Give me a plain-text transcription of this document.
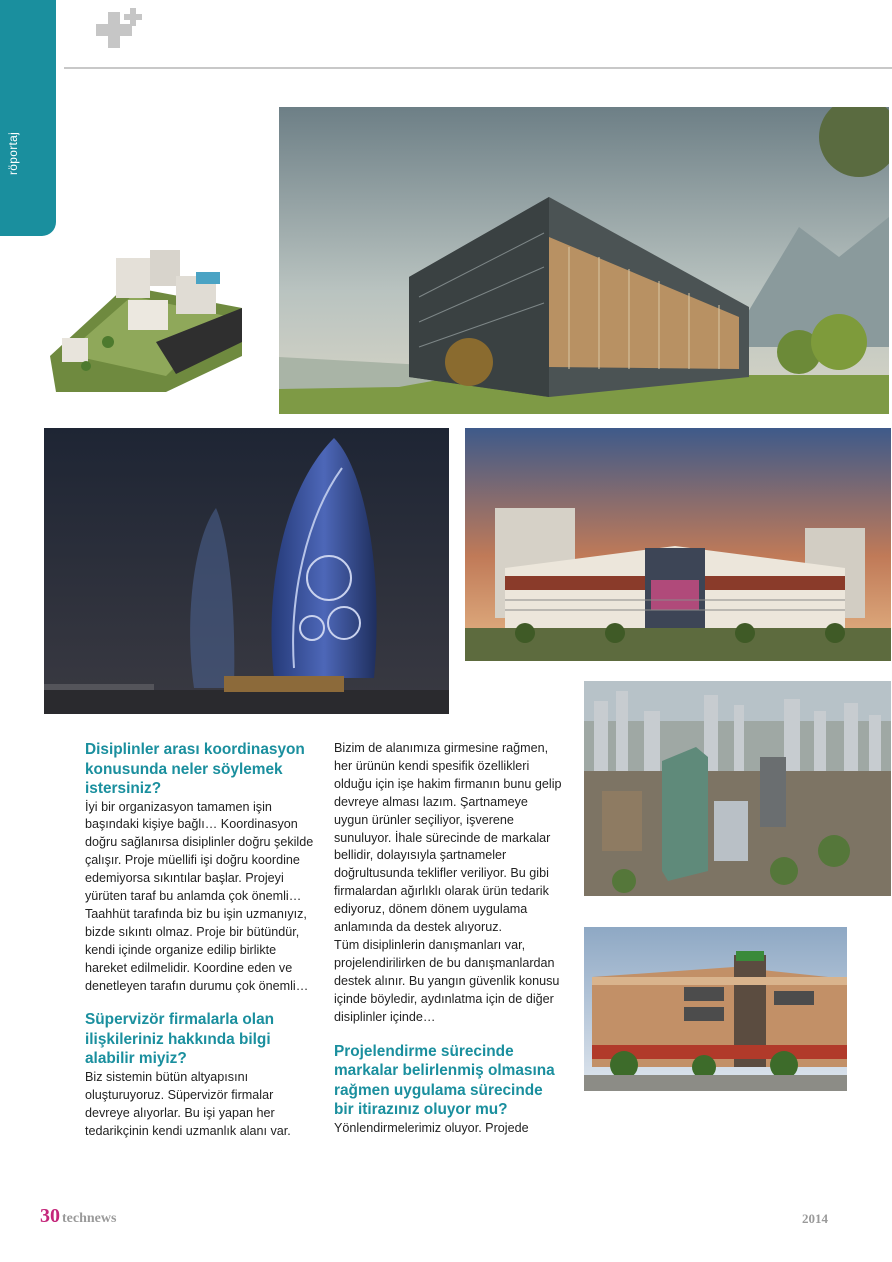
röportaj
Disiplinler arası koordinasyon konusunda neler söylemek istersiniz?

İyi bir organizasyon tamamen işin başındaki kişiye bağlı… Koordinasyon doğru sağlanırsa disiplinler doğru şekilde çalışır. Proje müellifi işi doğru koordine edemiyorsa sıkıntılar başlar. Projeyi yürüten taraf bu anlamda çok önemli… Taahhüt tarafında biz bu işin uzmanıyız, bizde sıkıntı olmaz. Proje bir bütündür, kendi içinde organize edilip birlikte hareket edilmelidir. Koordine eden ve denetleyen tarafın durumu çok önemli…

Süpervizör firmalarla olan ilişkileriniz hakkında bilgi alabilir miyiz?

Biz sistemin bütün altyapısını oluşturuyoruz. Süpervizör firmalar devreye alıyorlar. Bu işi yapan her tedarikçinin kendi uzmanlık alanı var.

Bizim de alanımıza girmesine rağmen, her ürünün kendi spesifik özellikleri olduğu için işe hakim firmanın bunu gelip devreye alması lazım. Şartnameye uygun ürünler seçiliyor, işverene sunuluyor. İhale sürecinde de markalar bellidir, dolayısıyla şartnameler doğrultusunda teklifler veriliyor. Bu gibi firmalardan ağırlıklı olarak ürün tedarik ediyoruz, dönem dönem uygulama anlamında da destek alıyoruz.

Tüm disiplinlerin danışmanları var, projelendirilirken de bu danışmanlardan destek alınır. Bu yangın güvenlik konusu içinde böyledir, aydınlatma için de diğer disiplinler içinde…

Projelendirme sürecinde markalar belirlenmiş olmasına rağmen uygulama sürecinde bir itirazınız oluyor mu?

Yönlendirmelerimiz oluyor. Projede

30 technews	2014
